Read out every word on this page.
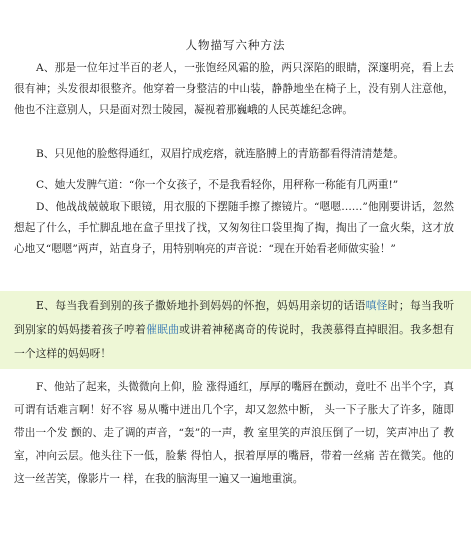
人物描写六种方法

A、那是一位年过半百的老人，一张饱经风霜的脸，两只深陷的眼睛，深邃明亮，看上去很有神；头发很却很整齐。他穿着一身整洁的中山装，静静地坐在椅子上，没有别人注意他，他也不注意别人，只是面对烈士陵园，凝视着那巍峨的人民英雄纪念碑。

B、只见他的脸憋得通红，双眉拧成疙瘩，就连胳膊上的青筋都看得清清楚楚。

C、她大发脾气道：“你一个女孩子，不是我看轻你，用秤称一称能有几两重!”

D、他战战兢兢取下眼镜，用衣服的下摆随手擦了擦镜片。“嗯嗯……”他刚要讲话，忽然想起了什么，手忙脚乱地在盒子里找了找，又匆匆往口袋里掏了掏，掏出了一盒火柴，这才放心地又“嗯嗯”两声，站直身子，用特别响亮的声音说：“现在开始看老师做实验！”

E、每当我看到别的孩子撒娇地扑到妈妈的怀抱，妈妈用亲切的话语嗔怪时；每当我听到别家的妈妈搂着孩子哼着催眠曲或讲着神秘离奇的传说时，我羡慕得直掉眼泪。我多想有一个这样的妈妈呀！

F、他站了起来，头微微向上仰，脸 涨得通红，厚厚的嘴唇在颤动，竟吐不 出半个字，真可谓有话难言啊！好不容 易从嘴中迸出几个字，却又忽然中断， 头一下子胀大了许多，随即带出一个发 颤的、走了调的声音，“轰”的一声，教 室里笑的声浪压倒了一切，笑声冲出了 教室，冲向云层。他头往下一低，脸紫 得怕人，抿着厚厚的嘴唇，带着一丝痛 苦在微笑。他的这一丝苦笑，像影片一 样，在我的脑海里一遍又一遍地重演。
